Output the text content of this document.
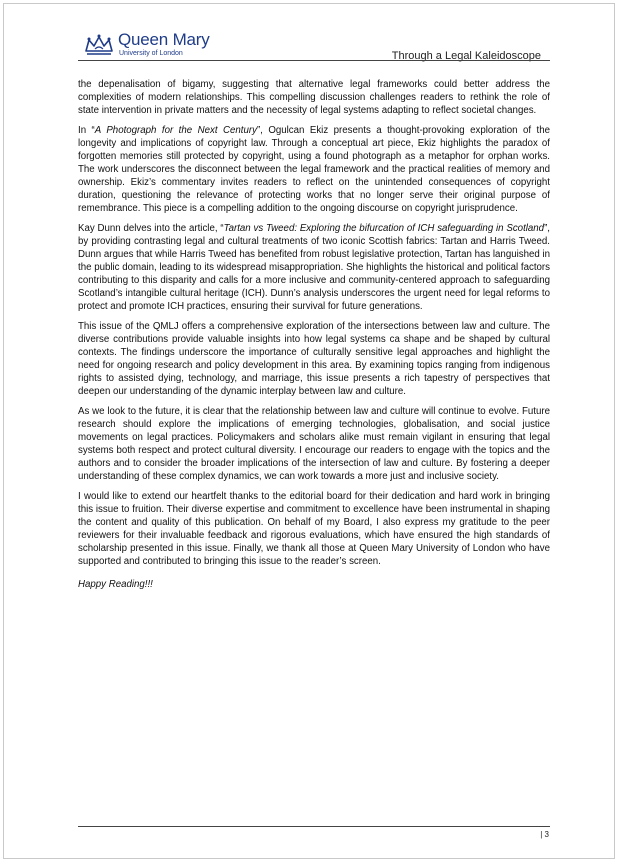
Queen Mary
University of London	Through a Legal Kaleidoscope

the depenalisation of bigamy, suggesting that alternative legal frameworks could better address the complexities of modern relationships. This compelling discussion challenges readers to rethink the role of state intervention in private matters and the necessity of legal systems adapting to reflect societal changes.

In “A Photograph for the Next Century”, Ogulcan Ekiz presents a thought-provoking exploration of the longevity and implications of copyright law. Through a conceptual art piece, Ekiz highlights the paradox of forgotten memories still protected by copyright, using a found photograph as a metaphor for orphan works. The work underscores the disconnect between the legal framework and the practical realities of memory and ownership. Ekiz’s commentary invites readers to reflect on the unintended consequences of copyright duration, questioning the relevance of protecting works that no longer serve their original purpose of remembrance. This piece is a compelling addition to the ongoing discourse on copyright jurisprudence.

Kay Dunn delves into the article, “Tartan vs Tweed: Exploring the bifurcation of ICH safeguarding in Scotland”, by providing contrasting legal and cultural treatments of two iconic Scottish fabrics: Tartan and Harris Tweed. Dunn argues that while Harris Tweed has benefited from robust legislative protection, Tartan has languished in the public domain, leading to its widespread misappropriation. She highlights the historical and political factors contributing to this disparity and calls for a more inclusive and community-centered approach to safeguarding Scotland’s intangible cultural heritage (ICH). Dunn’s analysis underscores the urgent need for legal reforms to protect and promote ICH practices, ensuring their survival for future generations.

This issue of the QMLJ offers a comprehensive exploration of the intersections between law and culture. The diverse contributions provide valuable insights into how legal systems ca shape and be shaped by cultural contexts. The findings underscore the importance of culturally sensitive legal approaches and highlight the need for ongoing research and policy development in this area. By examining topics ranging from indigenous rights to assisted dying, technology, and marriage, this issue presents a rich tapestry of perspectives that deepen our understanding of the dynamic interplay between law and culture.

As we look to the future, it is clear that the relationship between law and culture will continue to evolve. Future research should explore the implications of emerging technologies, globalisation, and social justice movements on legal practices. Policymakers and scholars alike must remain vigilant in ensuring that legal systems both respect and protect cultural diversity. I encourage our readers to engage with the topics and the authors and to consider the broader implications of the intersection of law and culture. By fostering a deeper understanding of these complex dynamics, we can work towards a more just and inclusive society.

I would like to extend our heartfelt thanks to the editorial board for their dedication and hard work in bringing this issue to fruition. Their diverse expertise and commitment to excellence have been instrumental in shaping the content and quality of this publication. On behalf of my Board, I also express my gratitude to the peer reviewers for their invaluable feedback and rigorous evaluations, which have ensured the high standards of scholarship presented in this issue. Finally, we thank all those at Queen Mary University of London who have supported and contributed to bringing this issue to the reader’s screen.

Happy Reading!!!

| 3
